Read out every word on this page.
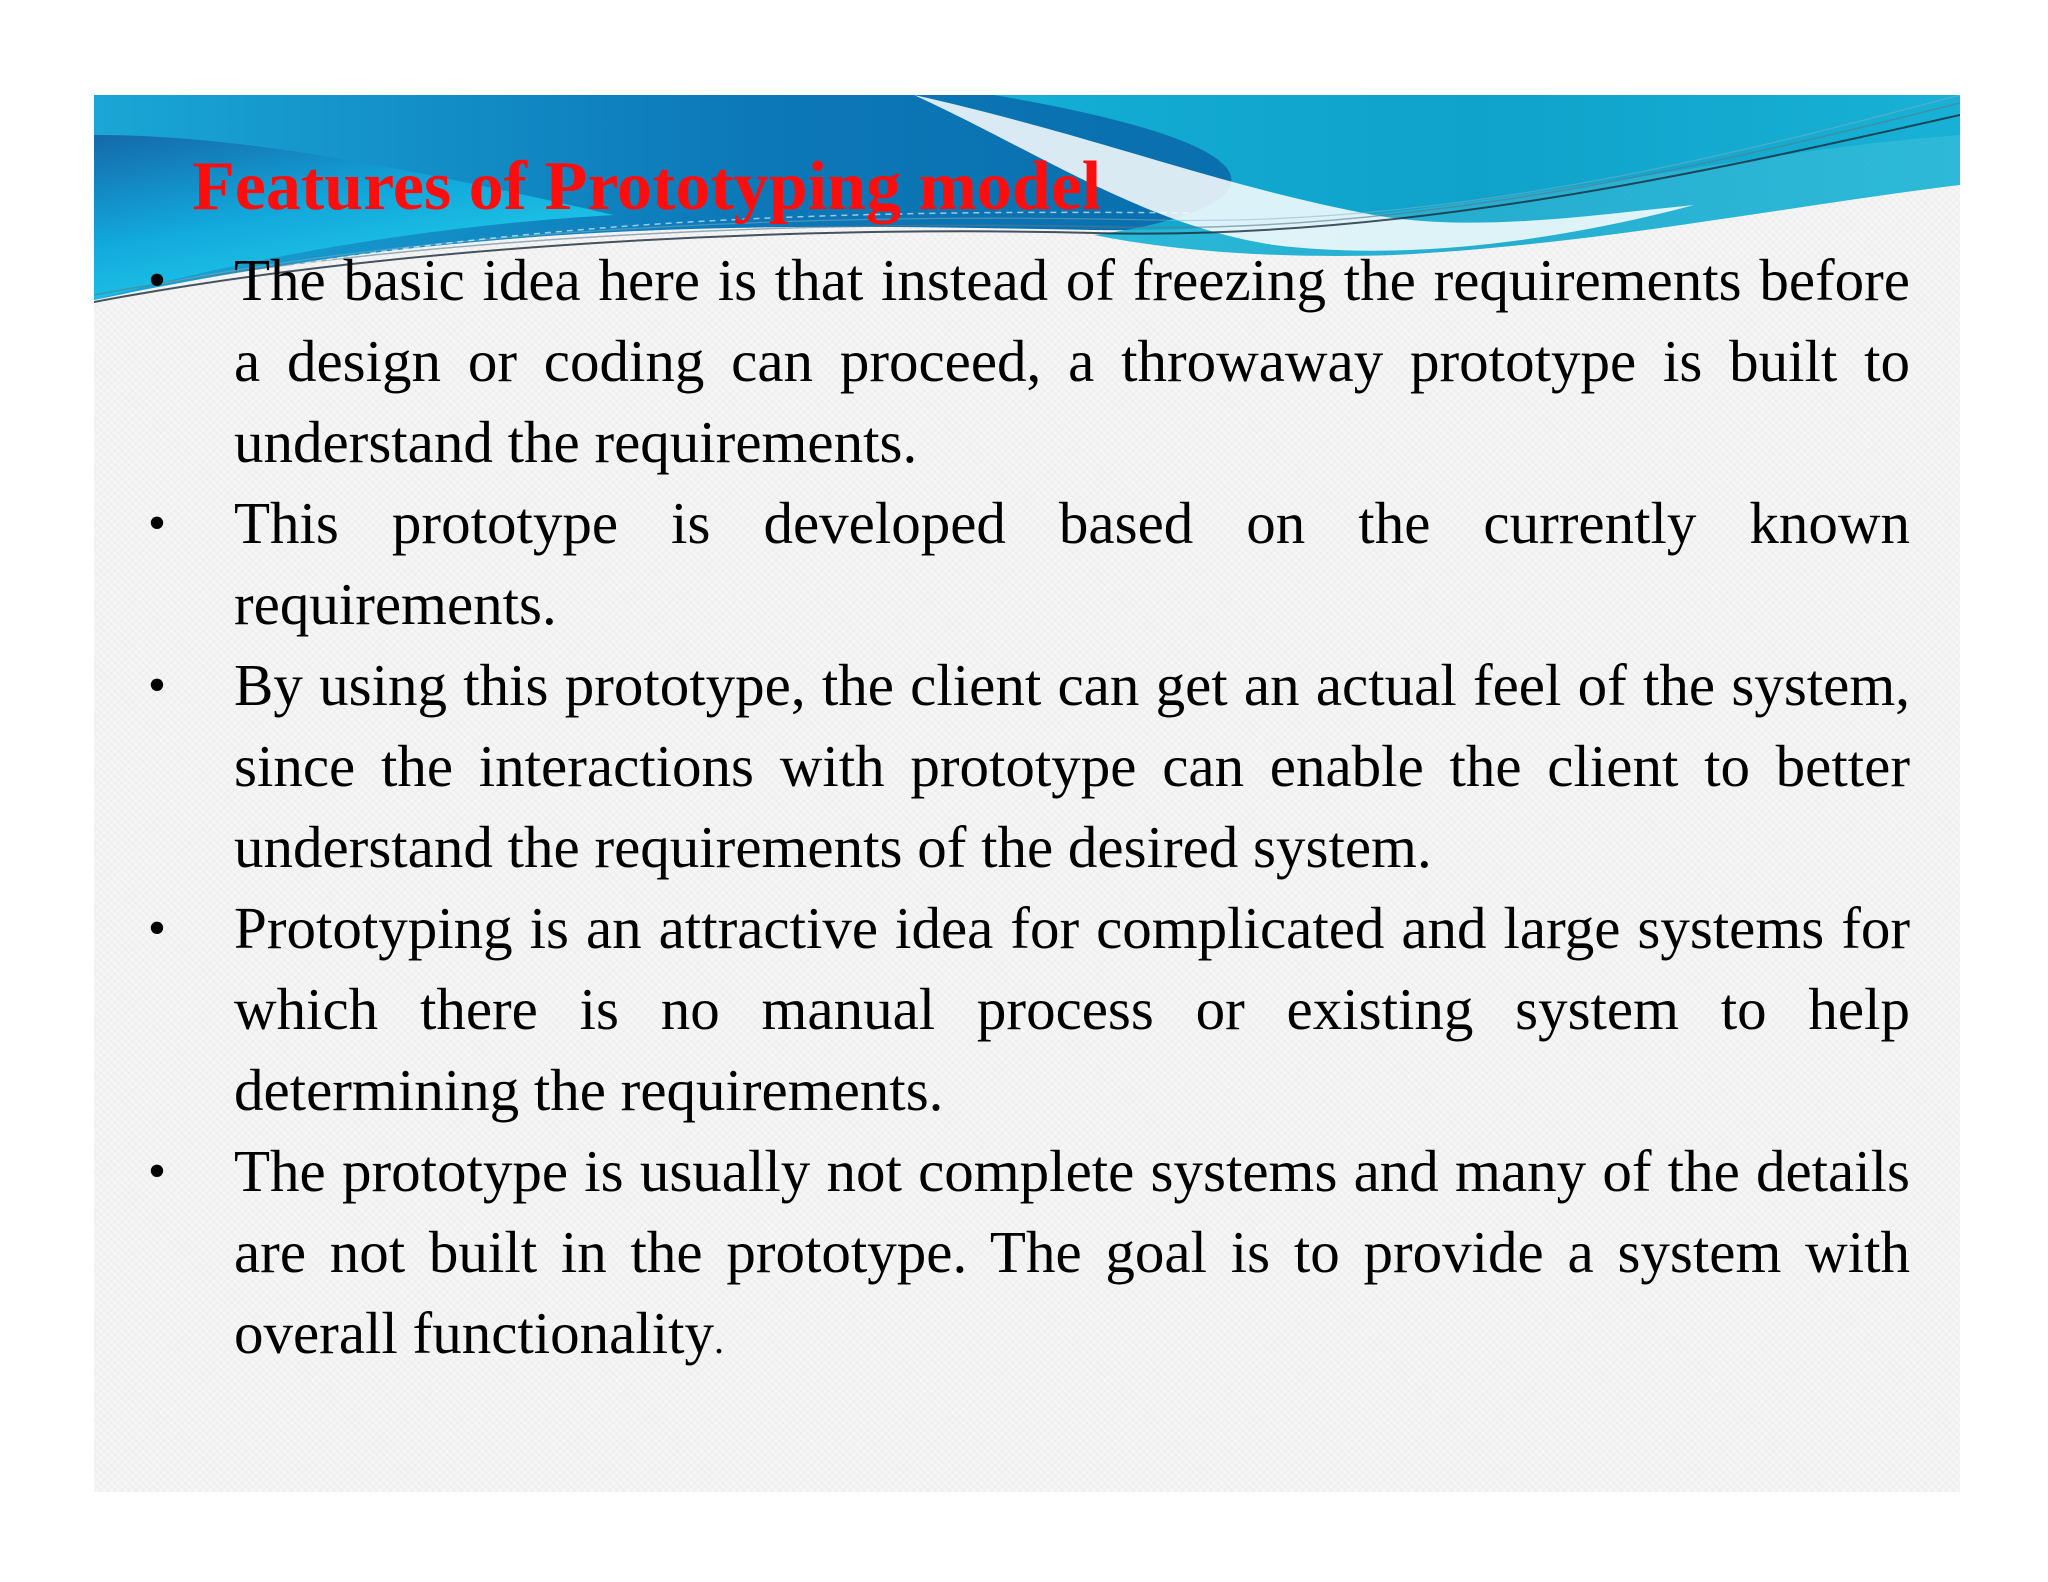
Features of Prototyping model
• The basic idea here is that instead of freezing the requirements before a design or coding can proceed, a throwaway prototype is built to understand the requirements.
• This prototype is developed based on the currently known requirements.
• By using this prototype, the client can get an actual feel of the system, since the interactions with prototype can enable the client to better understand the requirements of the desired system.
• Prototyping is an attractive idea for complicated and large systems for which there is no manual process or existing system to help determining the requirements.
• The prototype is usually not complete systems and many of the details are not built in the prototype. The goal is to provide a system with overall functionality.
